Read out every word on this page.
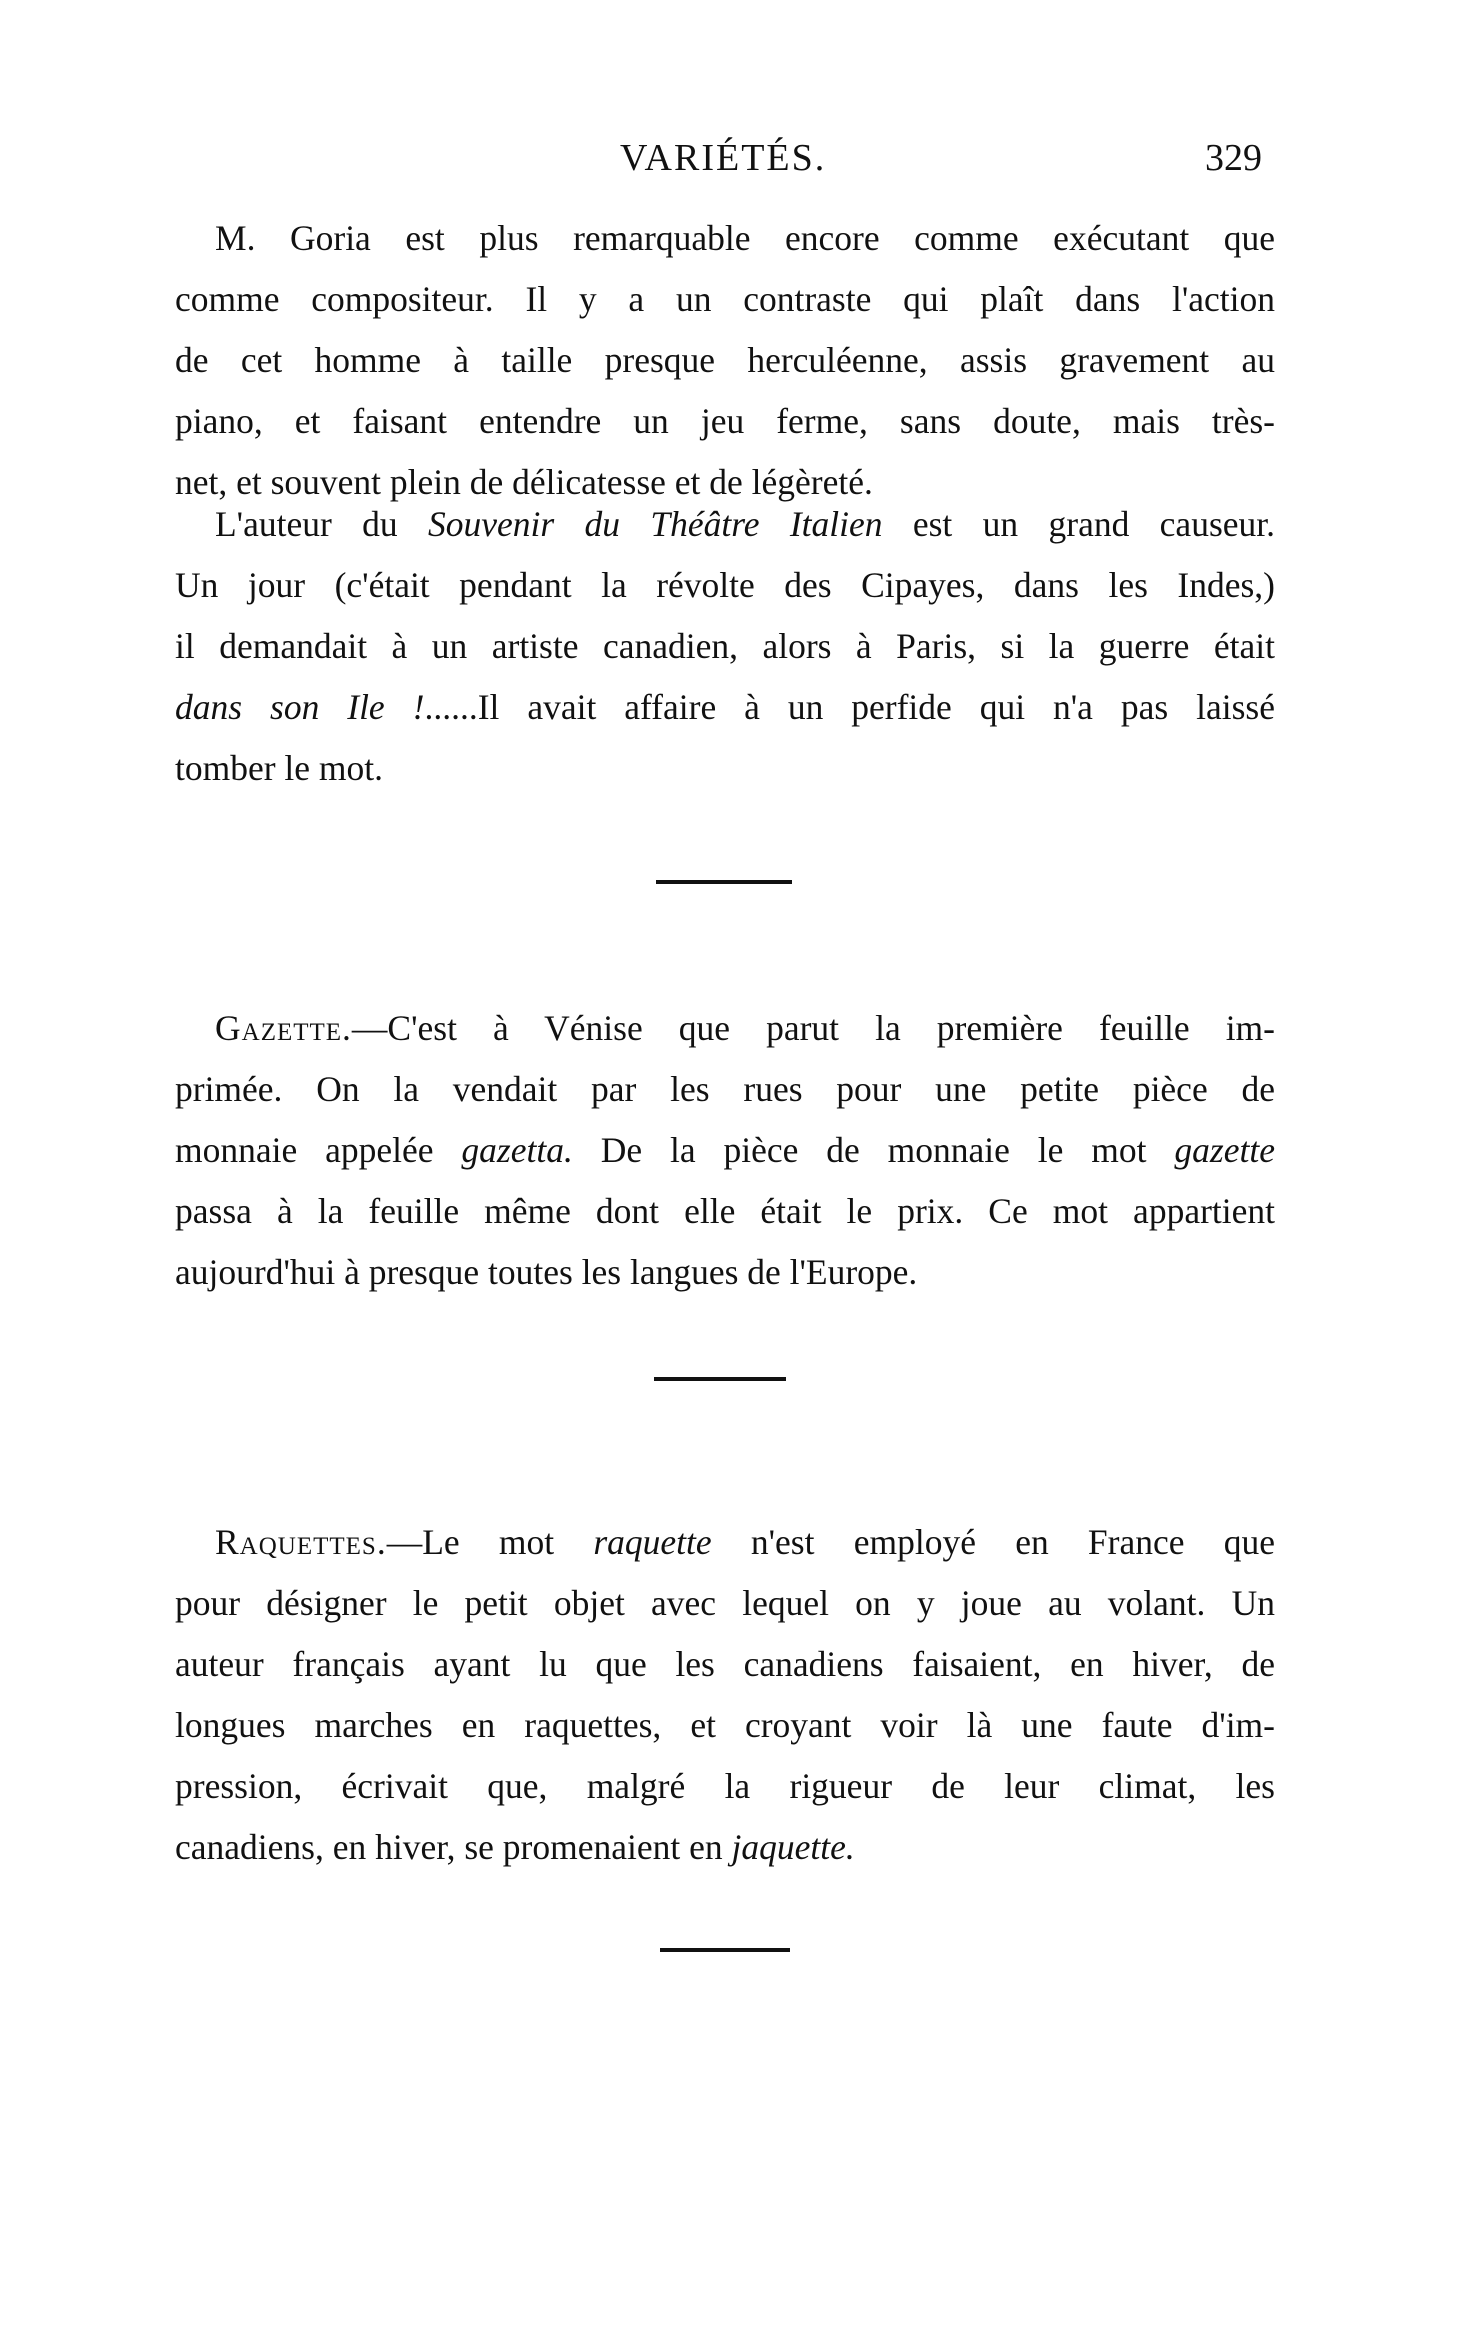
VARIÉTÉS.	329
M. Goria est plus remarquable encore comme exécutant que
comme compositeur. Il y a un contraste qui plaît dans l'action
de cet homme à taille presque herculéenne, assis gravement au
piano, et faisant entendre un jeu ferme, sans doute, mais très-
net, et souvent plein de délicatesse et de légèreté.
L'auteur du Souvenir du Théâtre Italien est un grand causeur.
Un jour (c'était pendant la révolte des Cipayes, dans les Indes,)
il demandait à un artiste canadien, alors à Paris, si la guerre était
dans son Ile !......Il avait affaire à un perfide qui n'a pas laissé
tomber le mot.
Gazette.—C'est à Vénise que parut la première feuille im-
primée. On la vendait par les rues pour une petite pièce de
monnaie appelée gazetta. De la pièce de monnaie le mot gazette
passa à la feuille même dont elle était le prix. Ce mot appartient
aujourd'hui à presque toutes les langues de l'Europe.
Raquettes.—Le mot raquette n'est employé en France que
pour désigner le petit objet avec lequel on y joue au volant. Un
auteur français ayant lu que les canadiens faisaient, en hiver, de
longues marches en raquettes, et croyant voir là une faute d'im-
pression, écrivait que, malgré la rigueur de leur climat, les
canadiens, en hiver, se promenaient en jaquette.
